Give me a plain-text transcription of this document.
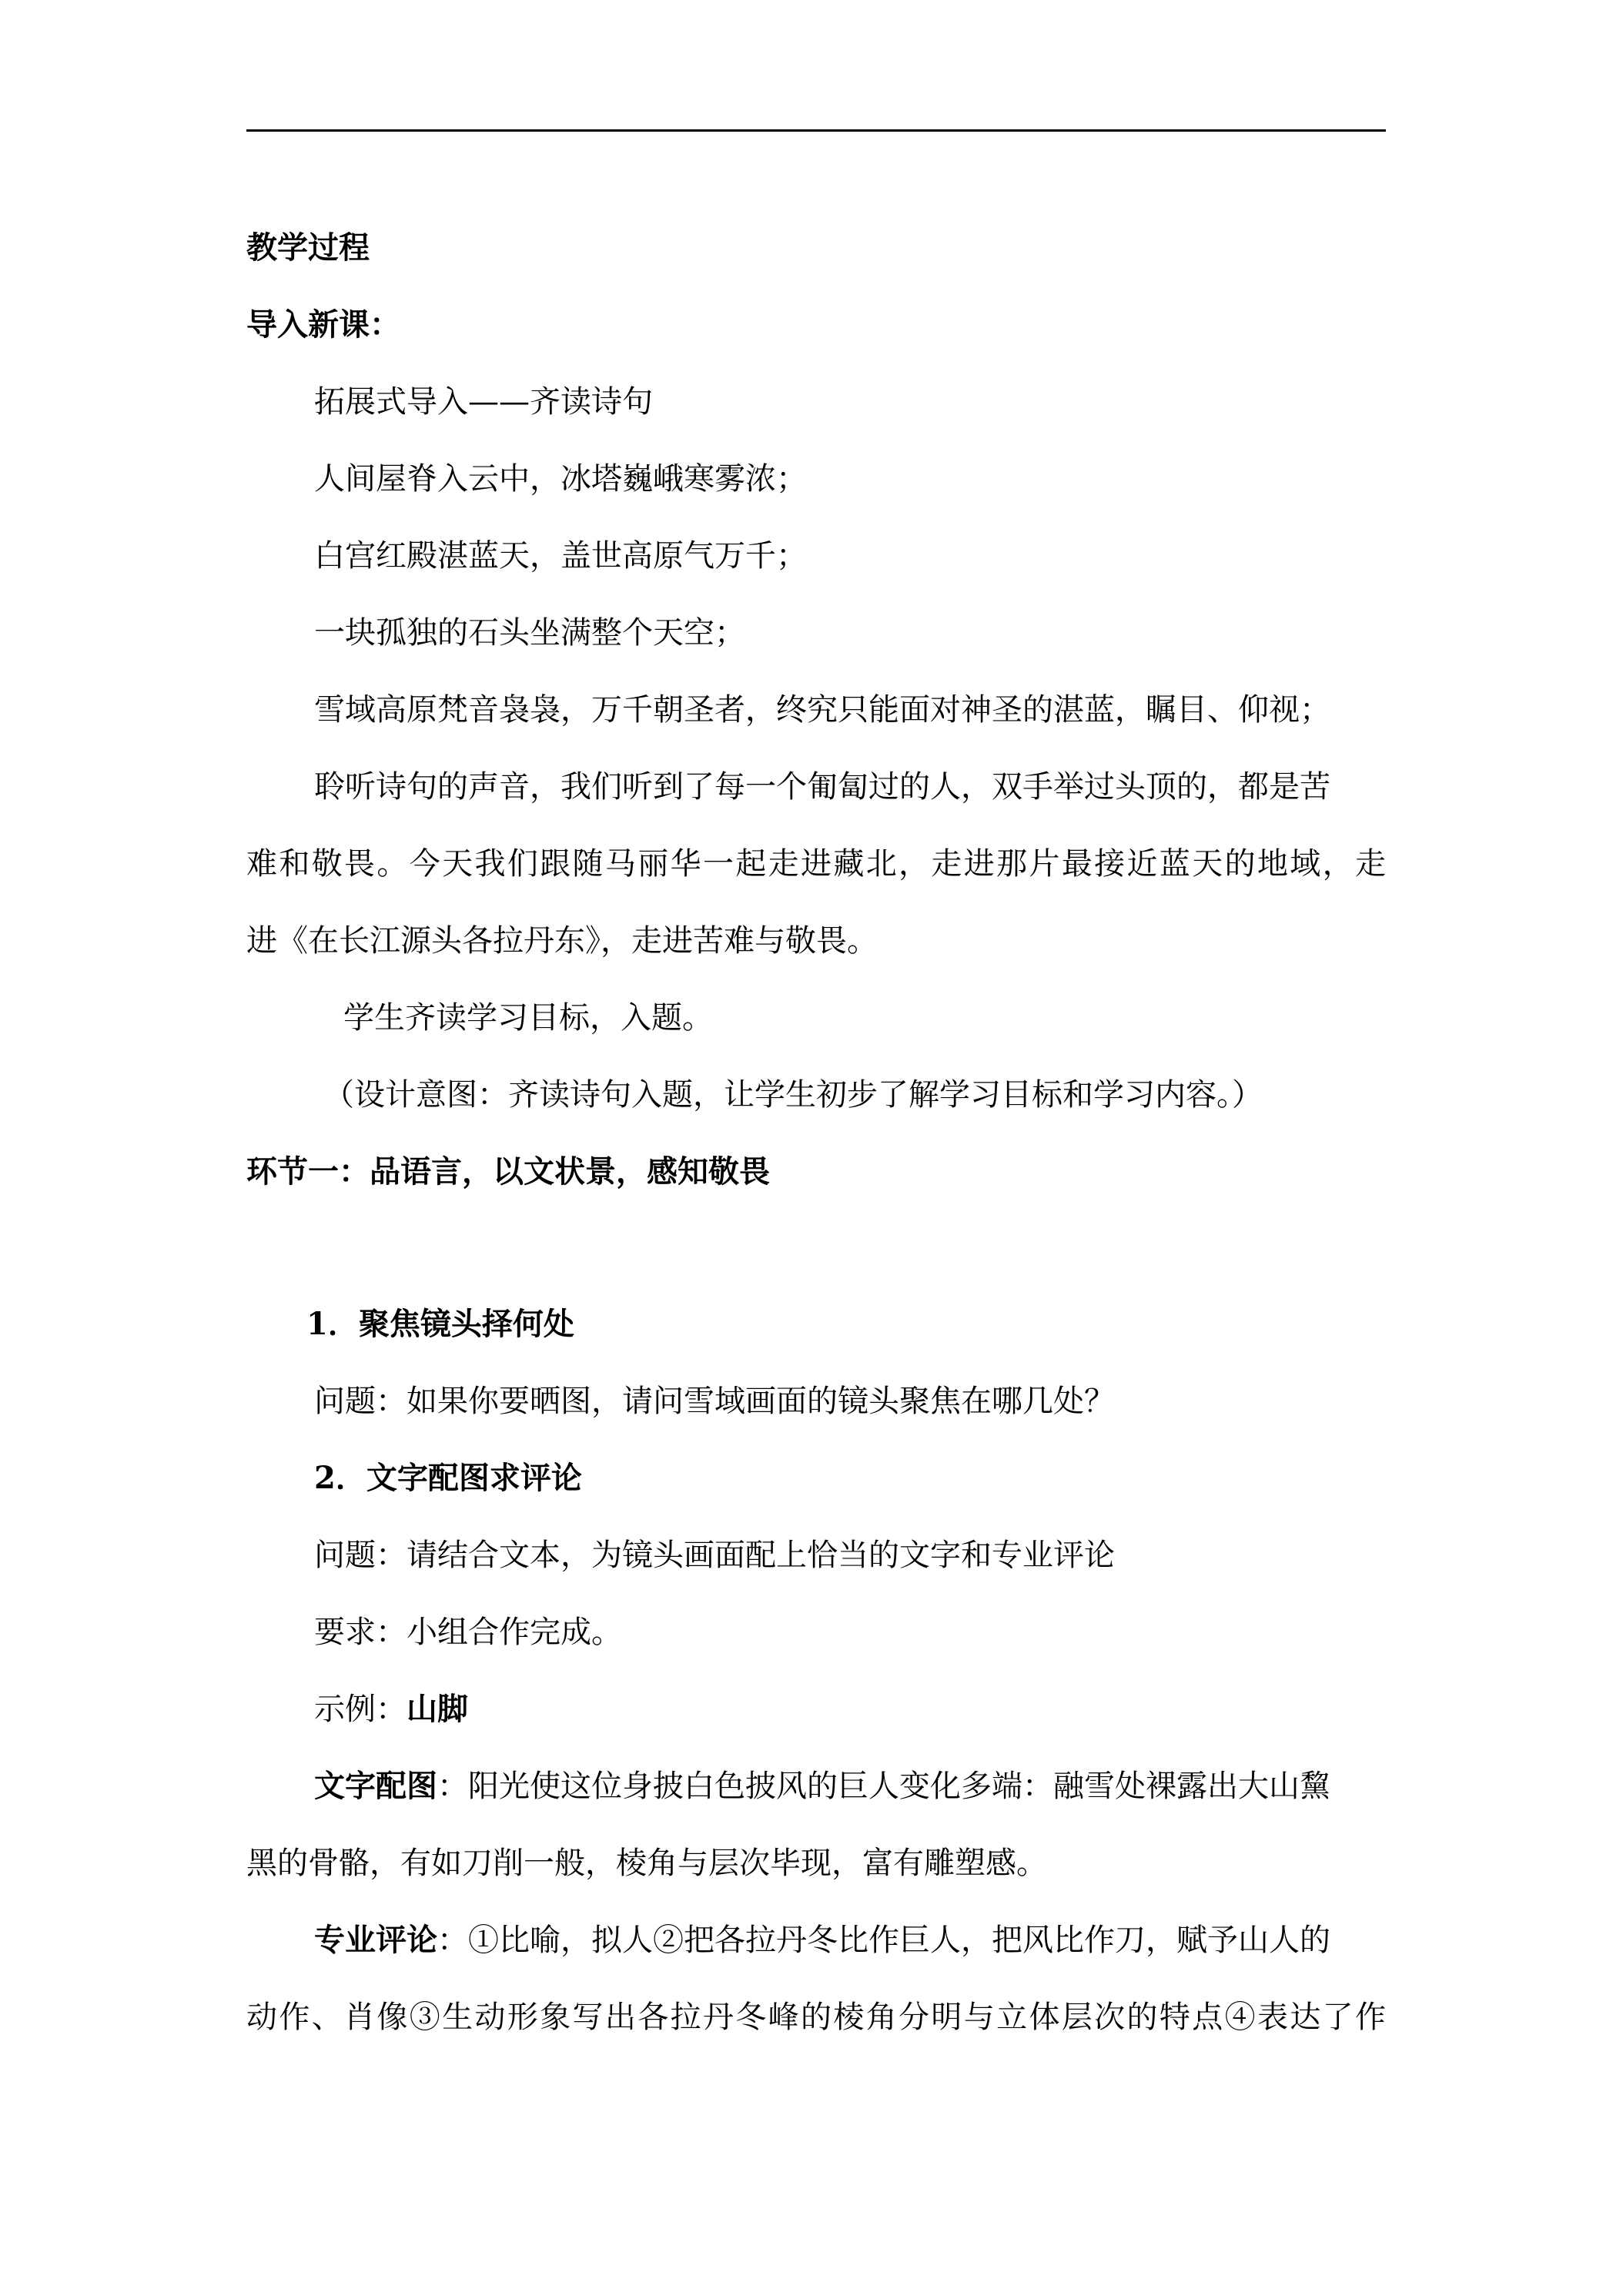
教学过程
导入新课：
拓展式导入——齐读诗句
人间屋脊入云中，冰塔巍峨寒雾浓；
白宫红殿湛蓝天，盖世高原气万千；
一块孤独的石头坐满整个天空；
雪域高原梵音袅袅，万千朝圣者，终究只能面对神圣的湛蓝，瞩目、仰视；
聆听诗句的声音，我们听到了每一个匍匐过的人，双手举过头顶的，都是苦
难和敬畏。今天我们跟随马丽华一起走进藏北，走进那片最接近蓝天的地域，走
进《在长江源头各拉丹东》，走进苦难与敬畏。
学生齐读学习目标，入题。
（设计意图：齐读诗句入题，让学生初步了解学习目标和学习内容。）
环节一：品语言，以文状景，感知敬畏
1．聚焦镜头择何处
问题：如果你要晒图，请问雪域画面的镜头聚焦在哪几处？
2．文字配图求评论
问题：请结合文本，为镜头画面配上恰当的文字和专业评论
要求：小组合作完成。
示例：山脚
文字配图：阳光使这位身披白色披风的巨人变化多端：融雪处裸露出大山黧
黑的骨骼，有如刀削一般，棱角与层次毕现，富有雕塑感。
专业评论：①比喻，拟人②把各拉丹冬比作巨人，把风比作刀，赋予山人的
动作、肖像③生动形象写出各拉丹冬峰的棱角分明与立体层次的特点④表达了作
